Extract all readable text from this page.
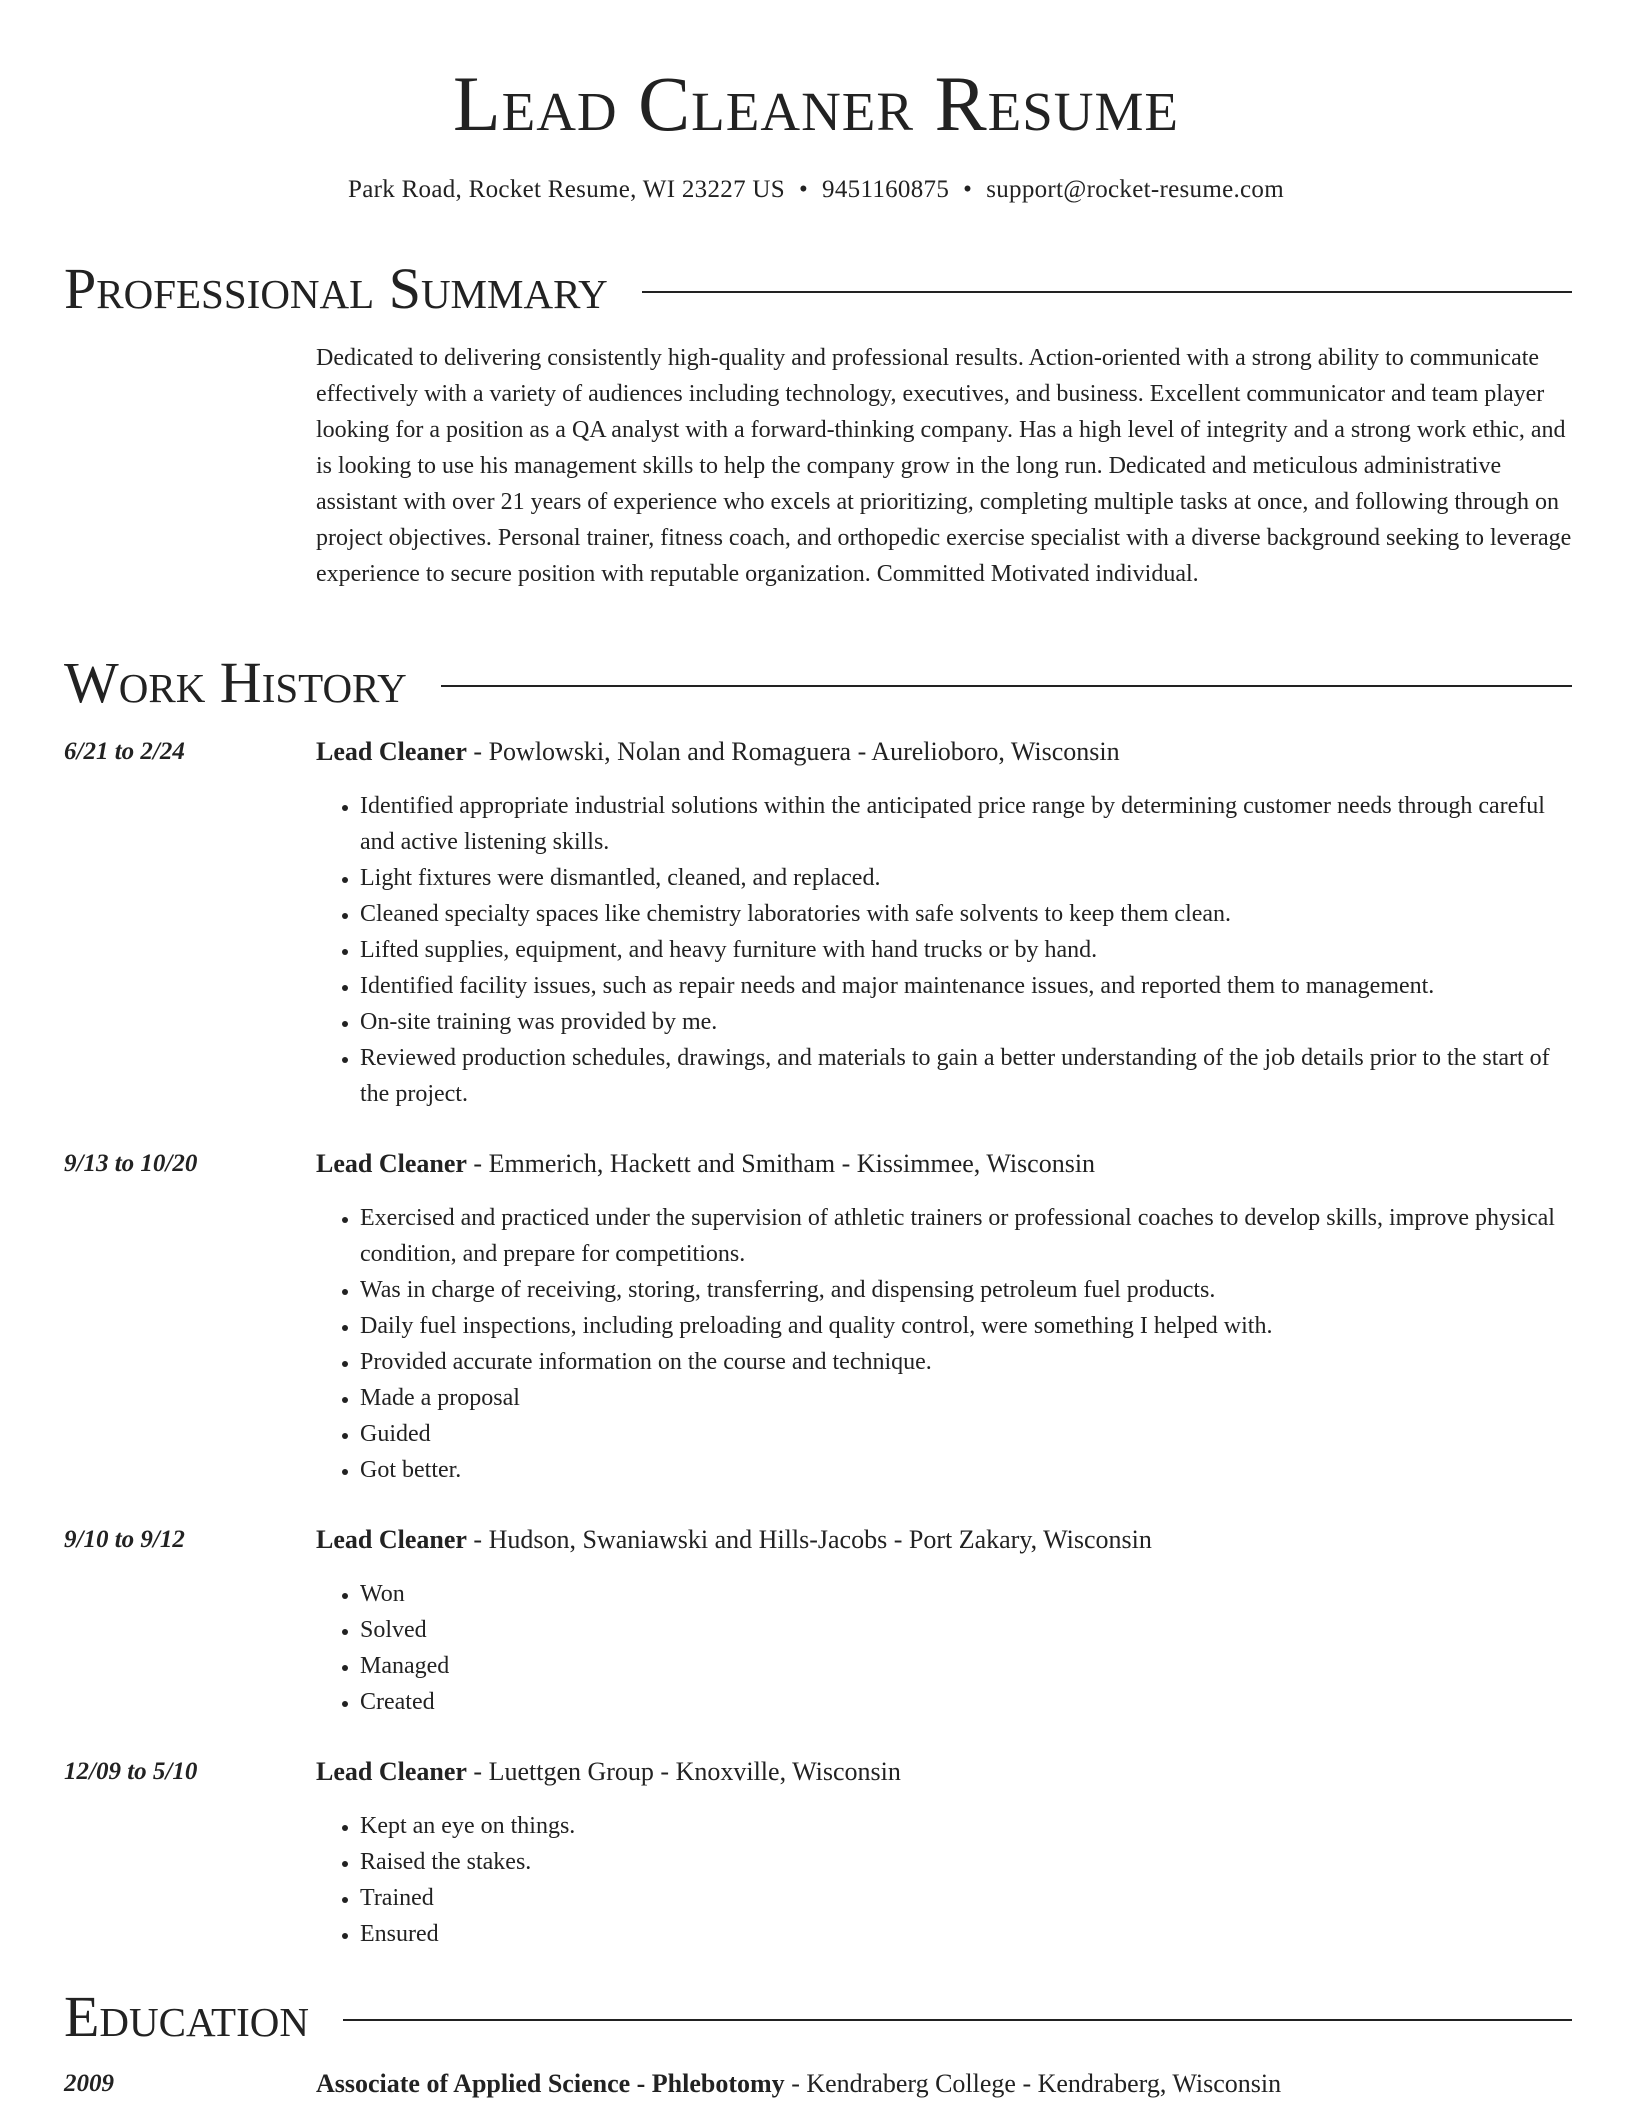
Lead Cleaner Resume
Park Road, Rocket Resume, WI 23227 US • 9451160875 • support@rocket-resume.com
Professional Summary

Dedicated to delivering consistently high-quality and professional results. Action-oriented with a strong ability to communicate effectively with a variety of audiences including technology, executives, and business. Excellent communicator and team player looking for a position as a QA analyst with a forward-thinking company. Has a high level of integrity and a strong work ethic, and is looking to use his management skills to help the company grow in the long run. Dedicated and meticulous administrative assistant with over 21 years of experience who excels at prioritizing, completing multiple tasks at once, and following through on project objectives. Personal trainer, fitness coach, and orthopedic exercise specialist with a diverse background seeking to leverage experience to secure position with reputable organization. Committed Motivated individual.

Work History
6/21 to 2/24	Lead Cleaner - Powlowski, Nolan and Romaguera - Aurelioboro, Wisconsin
• Identified appropriate industrial solutions within the anticipated price range by determining customer needs through careful and active listening skills.
• Light fixtures were dismantled, cleaned, and replaced.
• Cleaned specialty spaces like chemistry laboratories with safe solvents to keep them clean.
• Lifted supplies, equipment, and heavy furniture with hand trucks or by hand.
• Identified facility issues, such as repair needs and major maintenance issues, and reported them to management.
• On-site training was provided by me.
• Reviewed production schedules, drawings, and materials to gain a better understanding of the job details prior to the start of the project.
9/13 to 10/20	Lead Cleaner - Emmerich, Hackett and Smitham - Kissimmee, Wisconsin
• Exercised and practiced under the supervision of athletic trainers or professional coaches to develop skills, improve physical condition, and prepare for competitions.
• Was in charge of receiving, storing, transferring, and dispensing petroleum fuel products.
• Daily fuel inspections, including preloading and quality control, were something I helped with.
• Provided accurate information on the course and technique.
• Made a proposal
• Guided
• Got better.
9/10 to 9/12	Lead Cleaner - Hudson, Swaniawski and Hills-Jacobs - Port Zakary, Wisconsin
• Won
• Solved
• Managed
• Created
12/09 to 5/10	Lead Cleaner - Luettgen Group - Knoxville, Wisconsin
• Kept an eye on things.
• Raised the stakes.
• Trained
• Ensured
Education
2009	Associate of Applied Science - Phlebotomy - Kendraberg College - Kendraberg, Wisconsin
